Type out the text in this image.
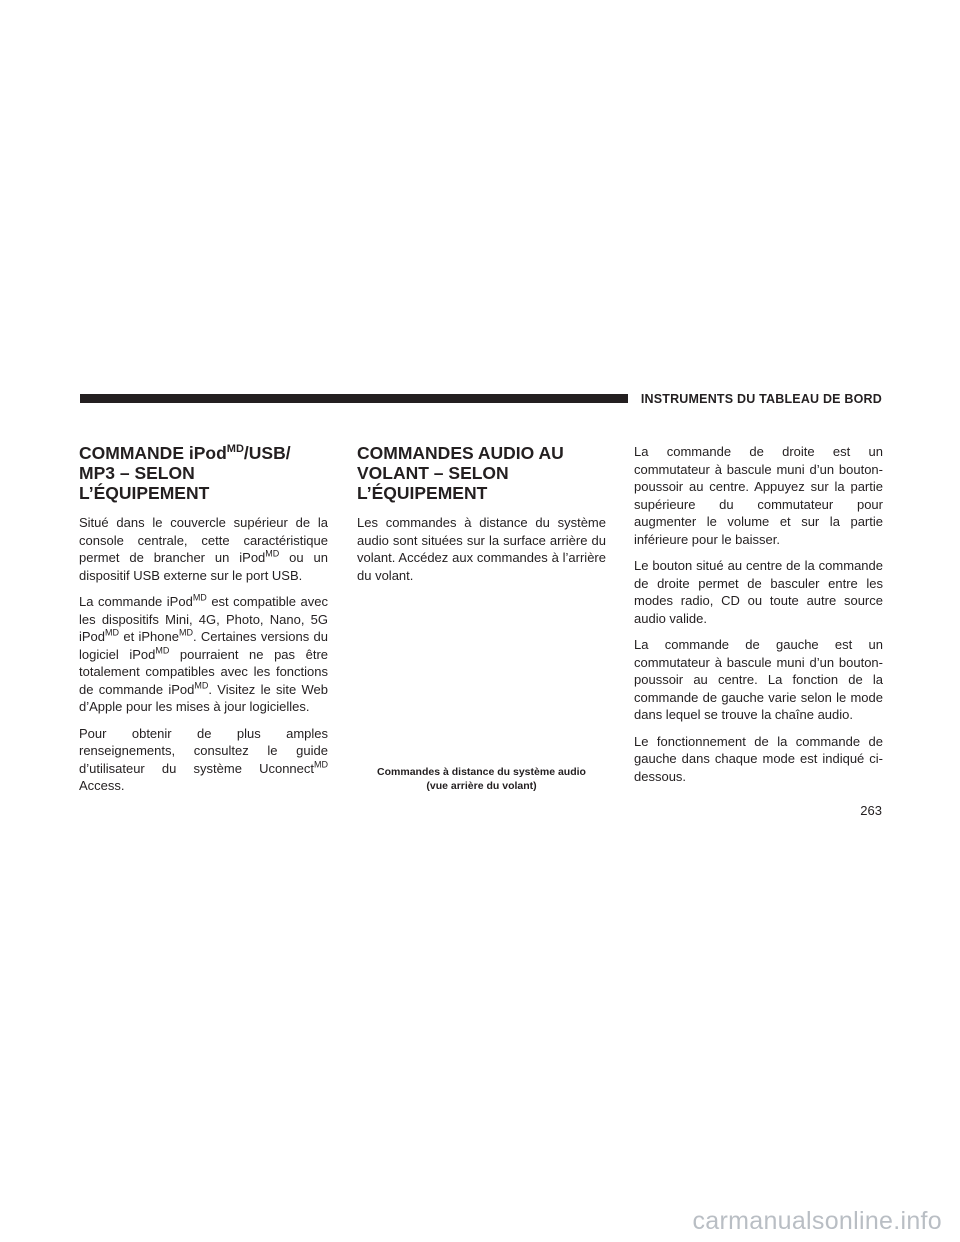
INSTRUMENTS DU TABLEAU DE BORD
COMMANDE iPod$^{MD}$/USB/
MP3 – SELON L’ÉQUIPEMENT

Situé dans le couvercle supérieur de la console centrale, cette caractéristique permet de brancher un iPod$^{MD}$ ou un dispositif USB externe sur le port USB.

La commande iPod$^{MD}$ est compatible avec les dispositifs Mini, 4G, Photo, Nano, 5G iPod$^{MD}$ et iPhone$^{MD}$. Certaines versions du logiciel iPod$^{MD}$ pourraient ne pas être totalement compatibles avec les fonctions de commande iPod$^{MD}$. Visitez le site Web d’Apple pour les mises à jour logicielles.

Pour obtenir de plus amples renseignements, consultez le guide d’utilisateur du système Uconnect$^{MD}$ Access.

COMMANDES AUDIO AU
VOLANT – SELON
L’ÉQUIPEMENT

Les commandes à distance du système audio sont situées sur la surface arrière du volant. Accédez aux commandes à l’arrière du volant.

Commandes à distance du système audio
(vue arrière du volant)

La commande de droite est un commutateur à bascule muni d’un bouton-poussoir au centre. Appuyez sur la partie supérieure du commutateur pour augmenter le volume et sur la partie inférieure pour le baisser.

Le bouton situé au centre de la commande de droite permet de basculer entre les modes radio, CD ou toute autre source audio valide.

La commande de gauche est un commutateur à bascule muni d’un bouton-poussoir au centre. La fonction de la commande de gauche varie selon le mode dans lequel se trouve la chaîne audio.

Le fonctionnement de la commande de gauche dans chaque mode est indiqué ci-dessous.

263
carmanualsonline.info
